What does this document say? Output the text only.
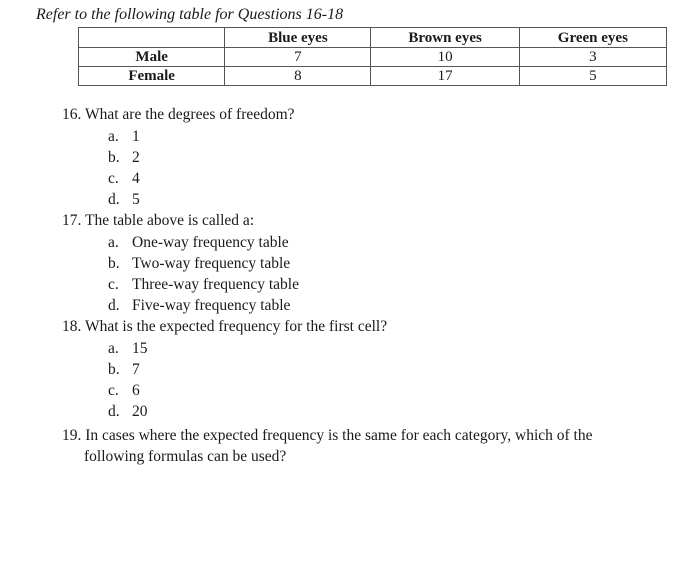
Refer to the following table for Questions 16-18

	Blue eyes	Brown eyes	Green eyes
Male	7	10	3
Female	8	17	5

16. What are the degrees of freedom?

a. 1

b. 2

c. 4

d. 5

17. The table above is called a:

a. One-way frequency table

b. Two-way frequency table

c. Three-way frequency table

d. Five-way frequency table

18. What is the expected frequency for the first cell?

a. 15

b. 7

c. 6

d. 20

19. In cases where the expected frequency is the same for each category, which of the
following formulas can be used?
